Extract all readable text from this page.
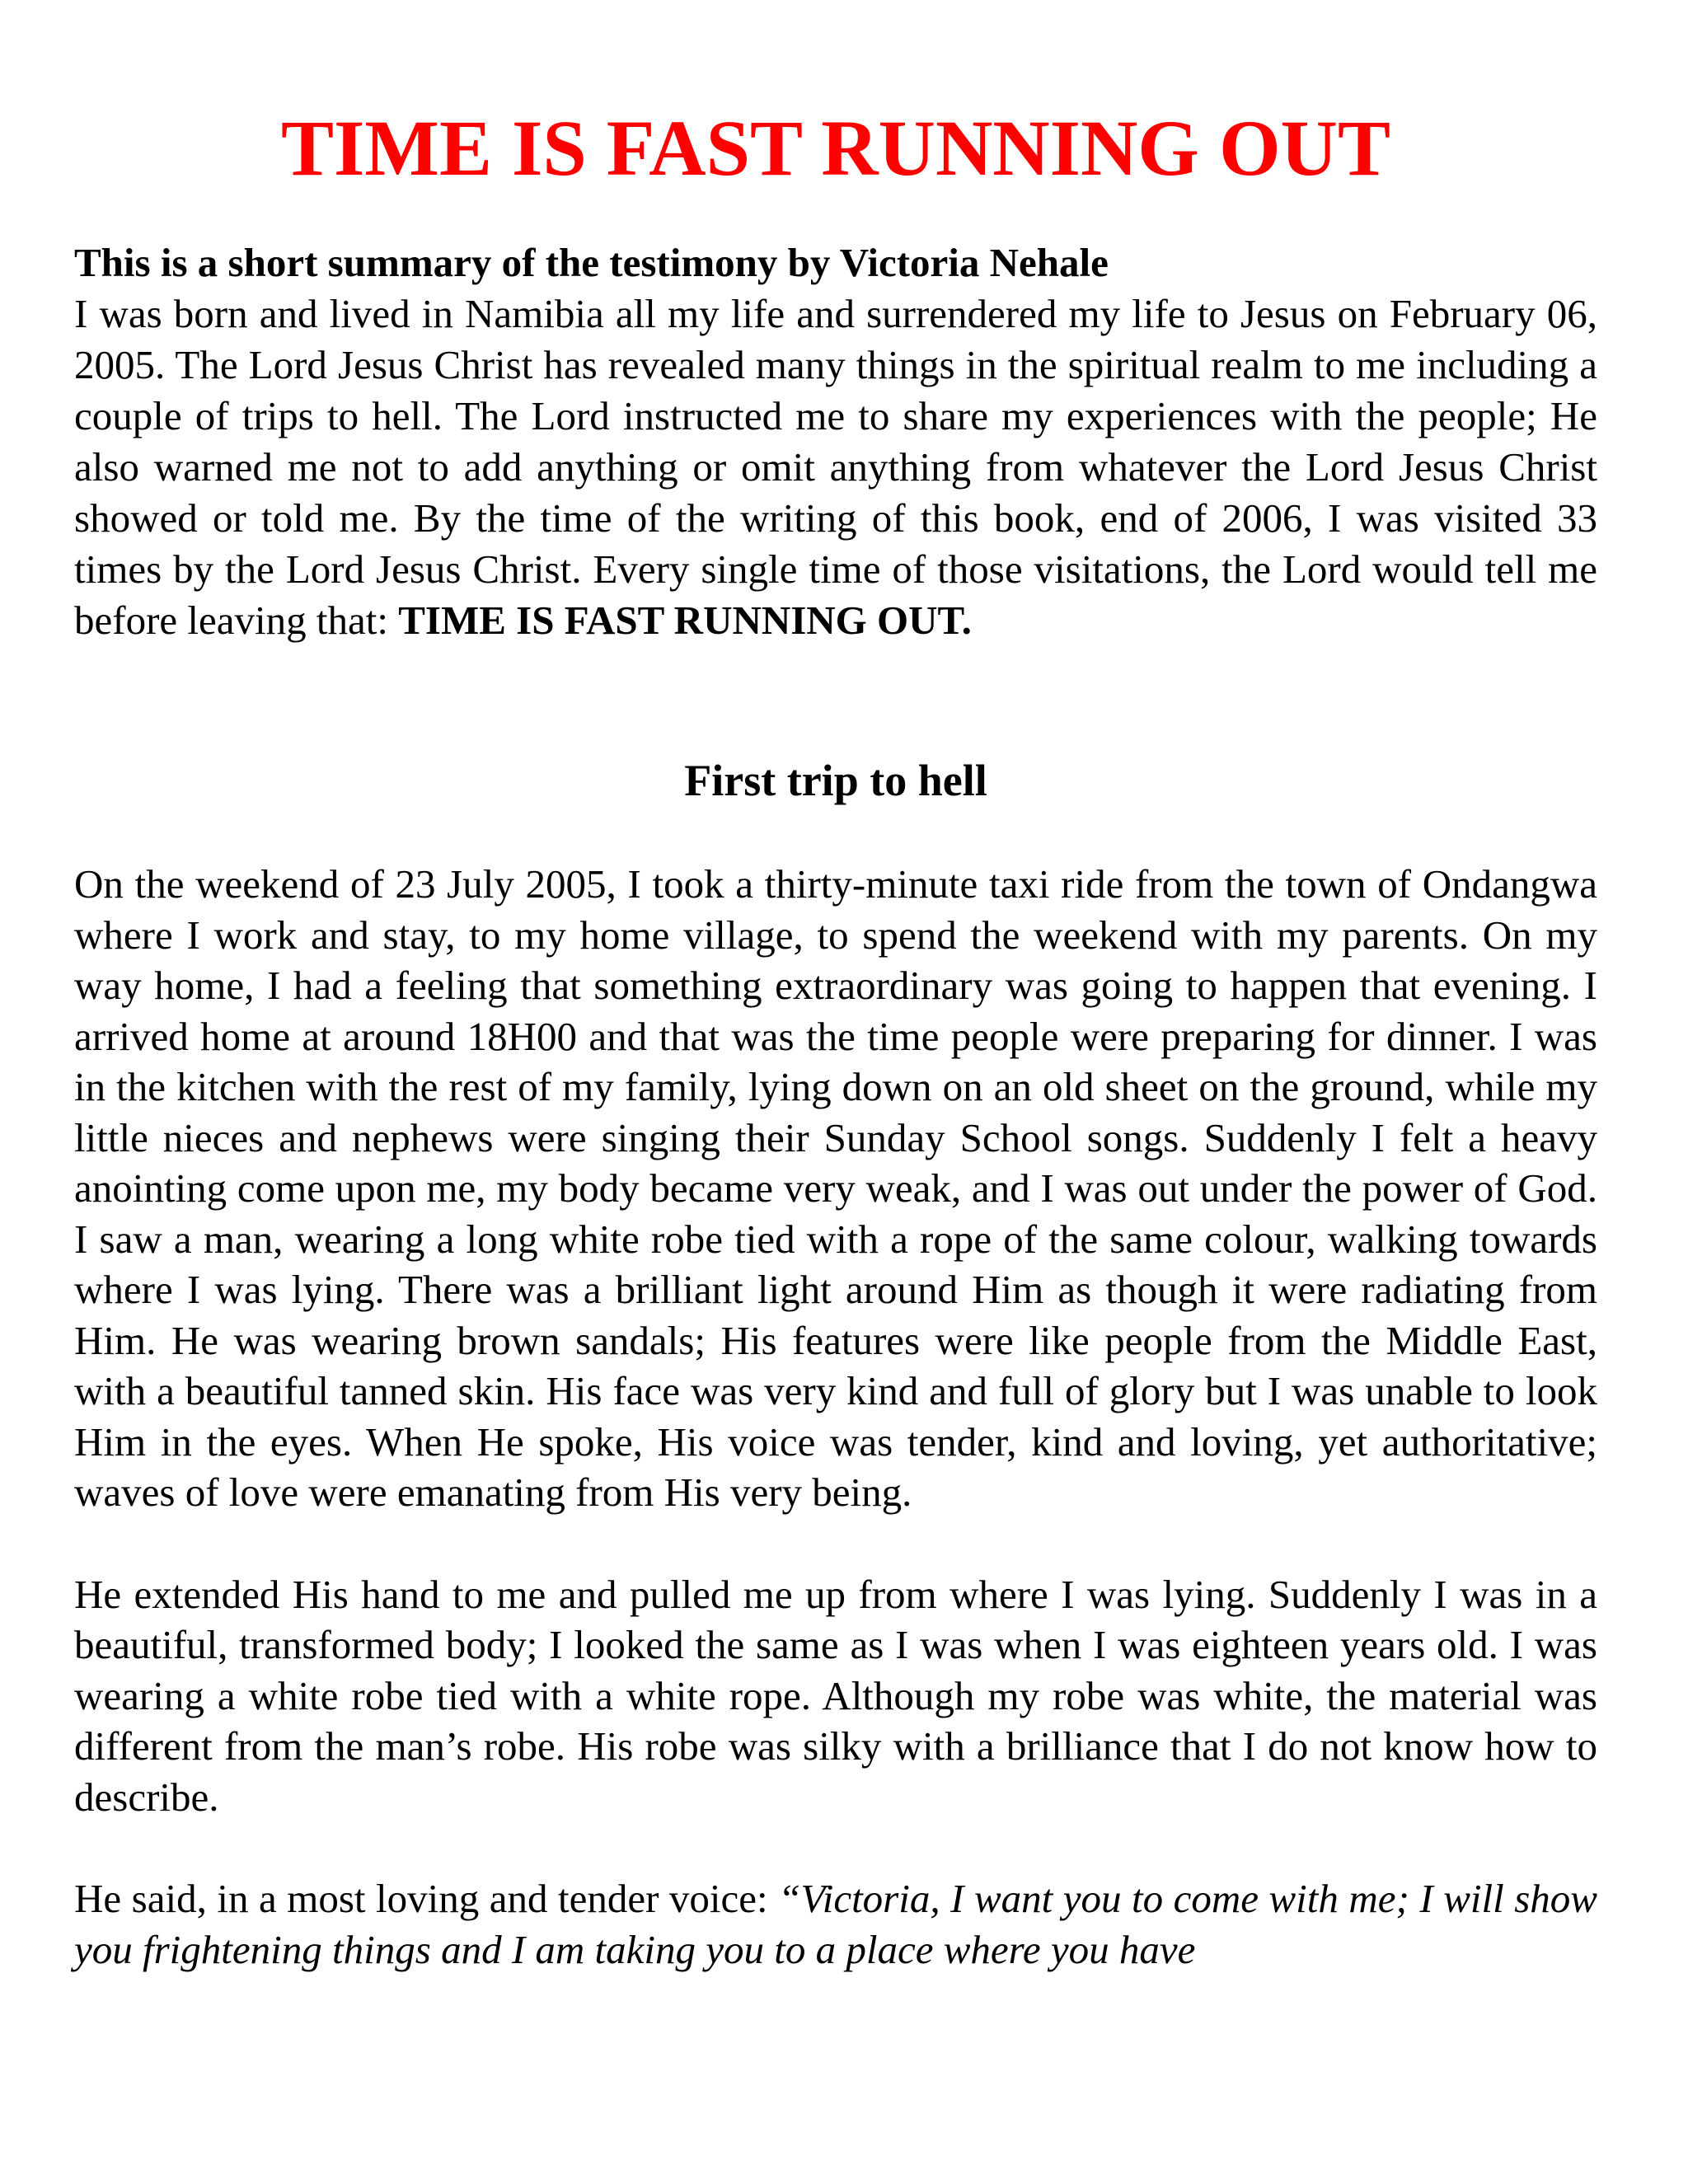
TIME IS FAST RUNNING OUT
This is a short summary of the testimony by Victoria Nehale
I was born and lived in Namibia all my life and surrendered my life to Jesus on February 06, 2005. The Lord Jesus Christ has revealed many things in the spiritual realm to me including a couple of trips to hell. The Lord instructed me to share my experiences with the people; He also warned me not to add anything or omit anything from whatever the Lord Jesus Christ showed or told me. By the time of the writing of this book, end of 2006, I was visited 33 times by the Lord Jesus Christ. Every single time of those visitations, the Lord would tell me before leaving that: TIME IS FAST RUNNING OUT.
First trip to hell

On the weekend of 23 July 2005, I took a thirty-minute taxi ride from the town of Ondangwa where I work and stay, to my home village, to spend the weekend with my parents. On my way home, I had a feeling that something extraordinary was going to happen that evening. I arrived home at around 18H00 and that was the time people were preparing for dinner. I was in the kitchen with the rest of my family, lying down on an old sheet on the ground, while my little nieces and nephews were singing their Sunday School songs. Suddenly I felt a heavy anointing come upon me, my body became very weak, and I was out under the power of God. I saw a man, wearing a long white robe tied with a rope of the same colour, walking towards where I was lying. There was a brilliant light around Him as though it were radiating from Him. He was wearing brown sandals; His features were like people from the Middle East, with a beautiful tanned skin. His face was very kind and full of glory but I was unable to look Him in the eyes. When He spoke, His voice was tender, kind and loving, yet authoritative; waves of love were emanating from His very being.

He extended His hand to me and pulled me up from where I was lying. Suddenly I was in a beautiful, transformed body; I looked the same as I was when I was eighteen years old. I was wearing a white robe tied with a white rope. Although my robe was white, the material was different from the man’s robe. His robe was silky with a brilliance that I do not know how to describe.

He said, in a most loving and tender voice: “Victoria, I want you to come with me; I will show you frightening things and I am taking you to a place where you have
